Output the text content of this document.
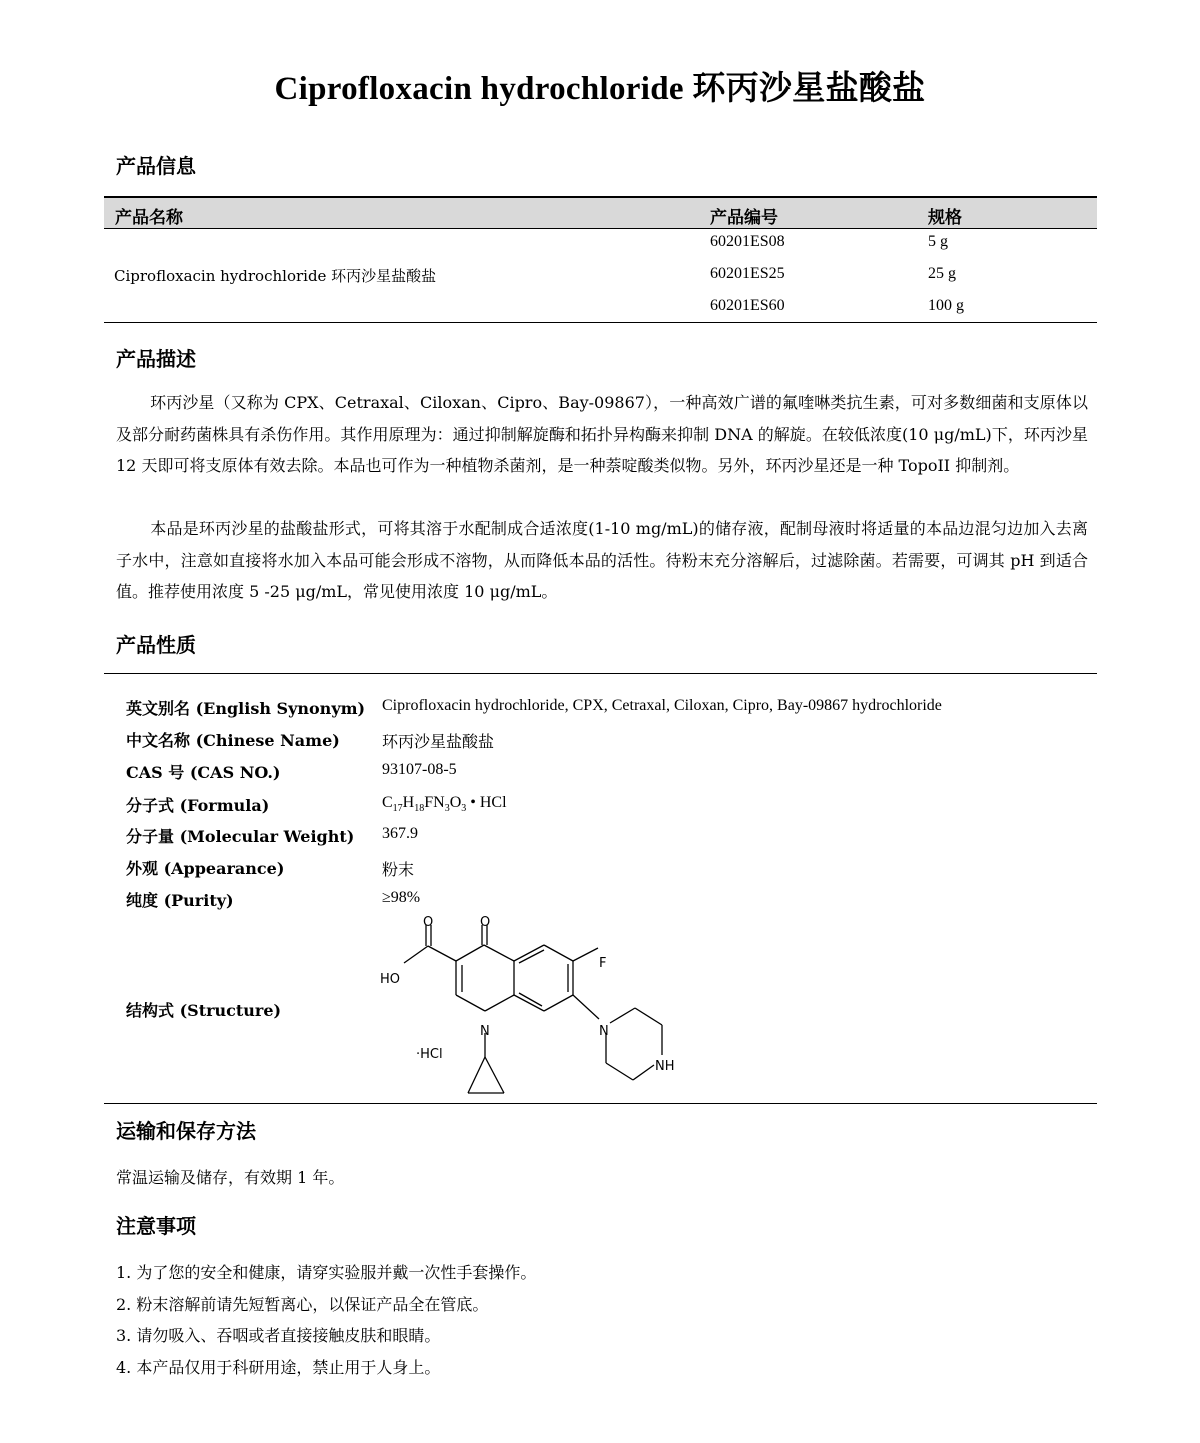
Ciprofloxacin hydrochloride 环丙沙星盐酸盐
产品信息
产品名称	产品编号	规格
Ciprofloxacin hydrochloride 环丙沙星盐酸盐
60201ES08	5 g
60201ES25	25 g
60201ES60	100 g
产品描述

环丙沙星（又称为 CPX、Cetraxal、Ciloxan、Cipro、Bay-09867），一种高效广谱的氟喹啉类抗生素，可对多数细菌和支原体以及部分耐药菌株具有杀伤作用。其作用原理为：通过抑制解旋酶和拓扑异构酶来抑制 DNA 的解旋。在较低浓度(10 μg/mL)下，环丙沙星 12 天即可将支原体有效去除。本品也可作为一种植物杀菌剂，是一种萘啶酸类似物。另外，环丙沙星还是一种 TopoII 抑制剂。

本品是环丙沙星的盐酸盐形式，可将其溶于水配制成合适浓度(1-10 mg/mL)的储存液，配制母液时将适量的本品边混匀边加入去离子水中，注意如直接将水加入本品可能会形成不溶物，从而降低本品的活性。待粉末充分溶解后，过滤除菌。若需要，可调其 pH 到适合值。推荐使用浓度 5 -25 μg/mL，常见使用浓度 10 μg/mL。

产品性质
英文别名 (English Synonym) Ciprofloxacin hydrochloride, CPX, Cetraxal, Ciloxan, Cipro, Bay-09867 hydrochloride
中文名称 (Chinese Name)	环丙沙星盐酸盐
CAS 号 (CAS NO.)	93107-08-5
分子式 (Formula)	$C_{17}H_{18}FN_3O_3$ • HCl
分子量 (Molecular Weight) 367.9
外观 (Appearance)	粉末
纯度 (Purity)	≥98%
结构式 (Structure)
O	O
HO
F
N	N
NH
·HCl
运输和保存方法
常温运输及储存，有效期 1 年。
注意事项
1. 为了您的安全和健康，请穿实验服并戴一次性手套操作。
2. 粉末溶解前请先短暂离心，以保证产品全在管底。
3. 请勿吸入、吞咽或者直接接触皮肤和眼睛。
4. 本产品仅用于科研用途，禁止用于人身上。
